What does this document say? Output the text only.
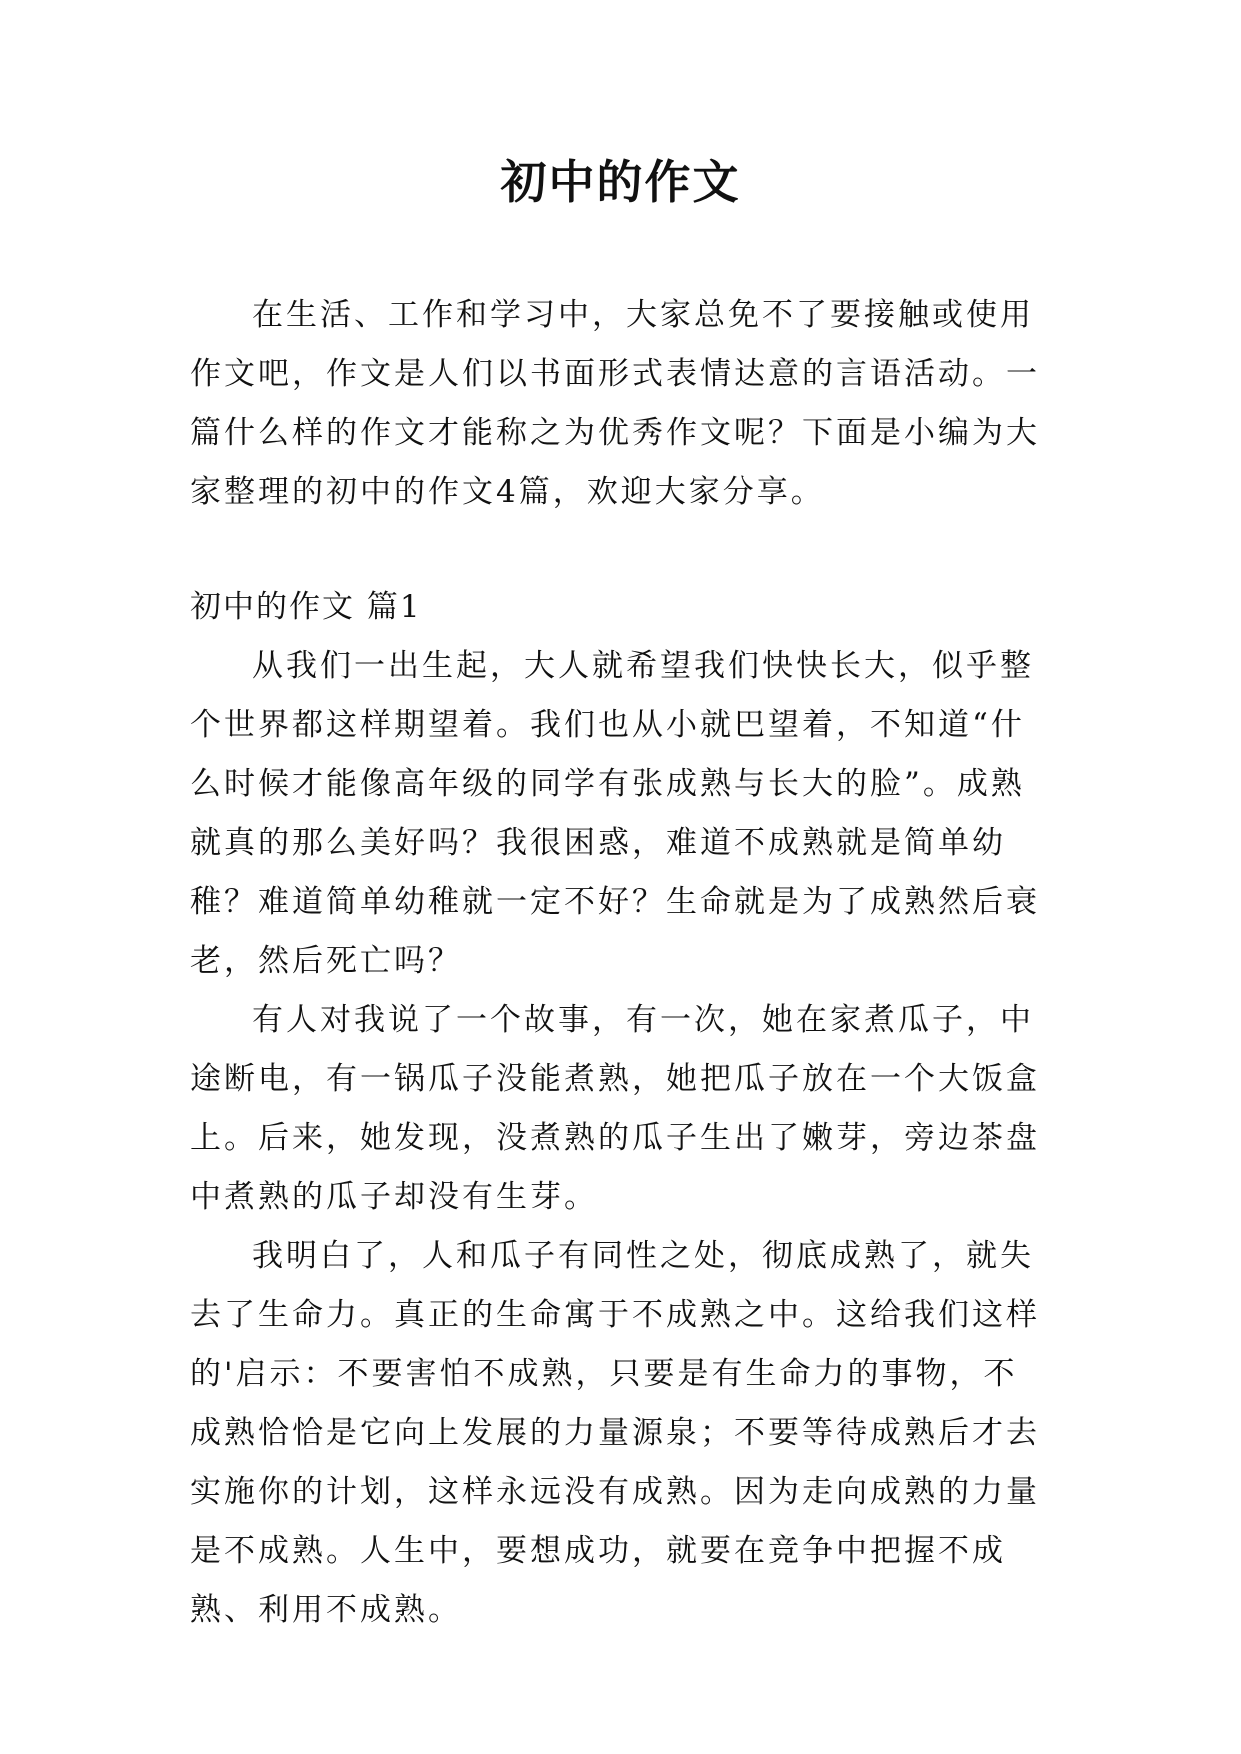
初中的作文

在生活、工作和学习中，大家总免不了要接触或使用作文吧，作文是人们以书面形式表情达意的言语活动。一篇什么样的作文才能称之为优秀作文呢？下面是小编为大家整理的初中的作文4篇，欢迎大家分享。

初中的作文 篇1

从我们一出生起，大人就希望我们快快长大，似乎整个世界都这样期望着。我们也从小就巴望着，不知道“什么时候才能像高年级的同学有张成熟与长大的脸”。成熟就真的那么美好吗？我很困惑，难道不成熟就是简单幼稚？难道简单幼稚就一定不好？生命就是为了成熟然后衰老，然后死亡吗？

有人对我说了一个故事，有一次，她在家煮瓜子，中途断电，有一锅瓜子没能煮熟，她把瓜子放在一个大饭盒上。后来，她发现，没煮熟的瓜子生出了嫩芽，旁边茶盘中煮熟的瓜子却没有生芽。

我明白了，人和瓜子有同性之处，彻底成熟了，就失去了生命力。真正的生命寓于不成熟之中。这给我们这样的'启示：不要害怕不成熟，只要是有生命力的事物，不成熟恰恰是它向上发展的力量源泉；不要等待成熟后才去实施你的计划，这样永远没有成熟。因为走向成熟的力量是不成熟。人生中，要想成功，就要在竞争中把握不成熟、利用不成熟。
